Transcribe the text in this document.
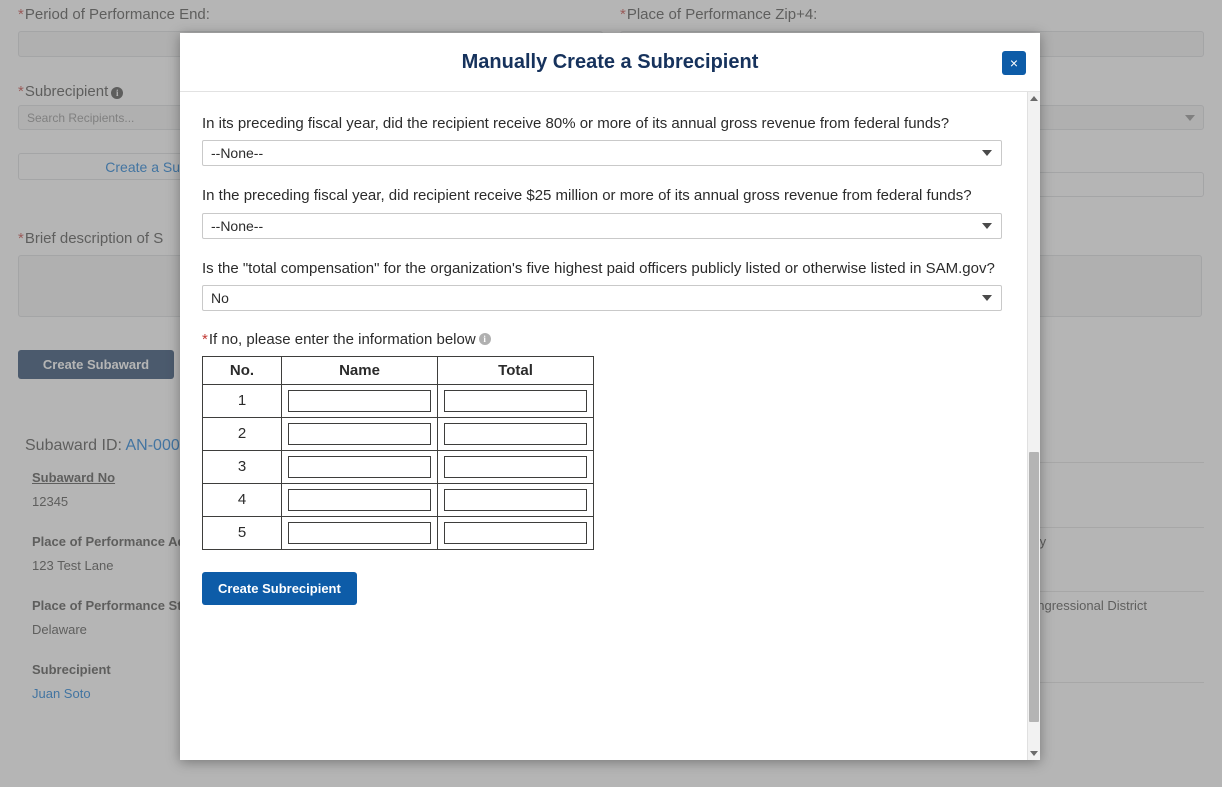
Manually Create a Subrecipient	×

In its preceding fiscal year, did the recipient receive 80% or more of its annual gross revenue from federal funds?

--None--

In the preceding fiscal year, did recipient receive $25 million or more of its annual gross revenue from federal funds?

--None--

Is the "total compensation" for the organization's five highest paid officers publicly listed or otherwise listed in SAM.gov?

No
* If no, please enter the information below i
No.	Name	Total
1		
2		
3		
4		
5		
Create Subrecipient
